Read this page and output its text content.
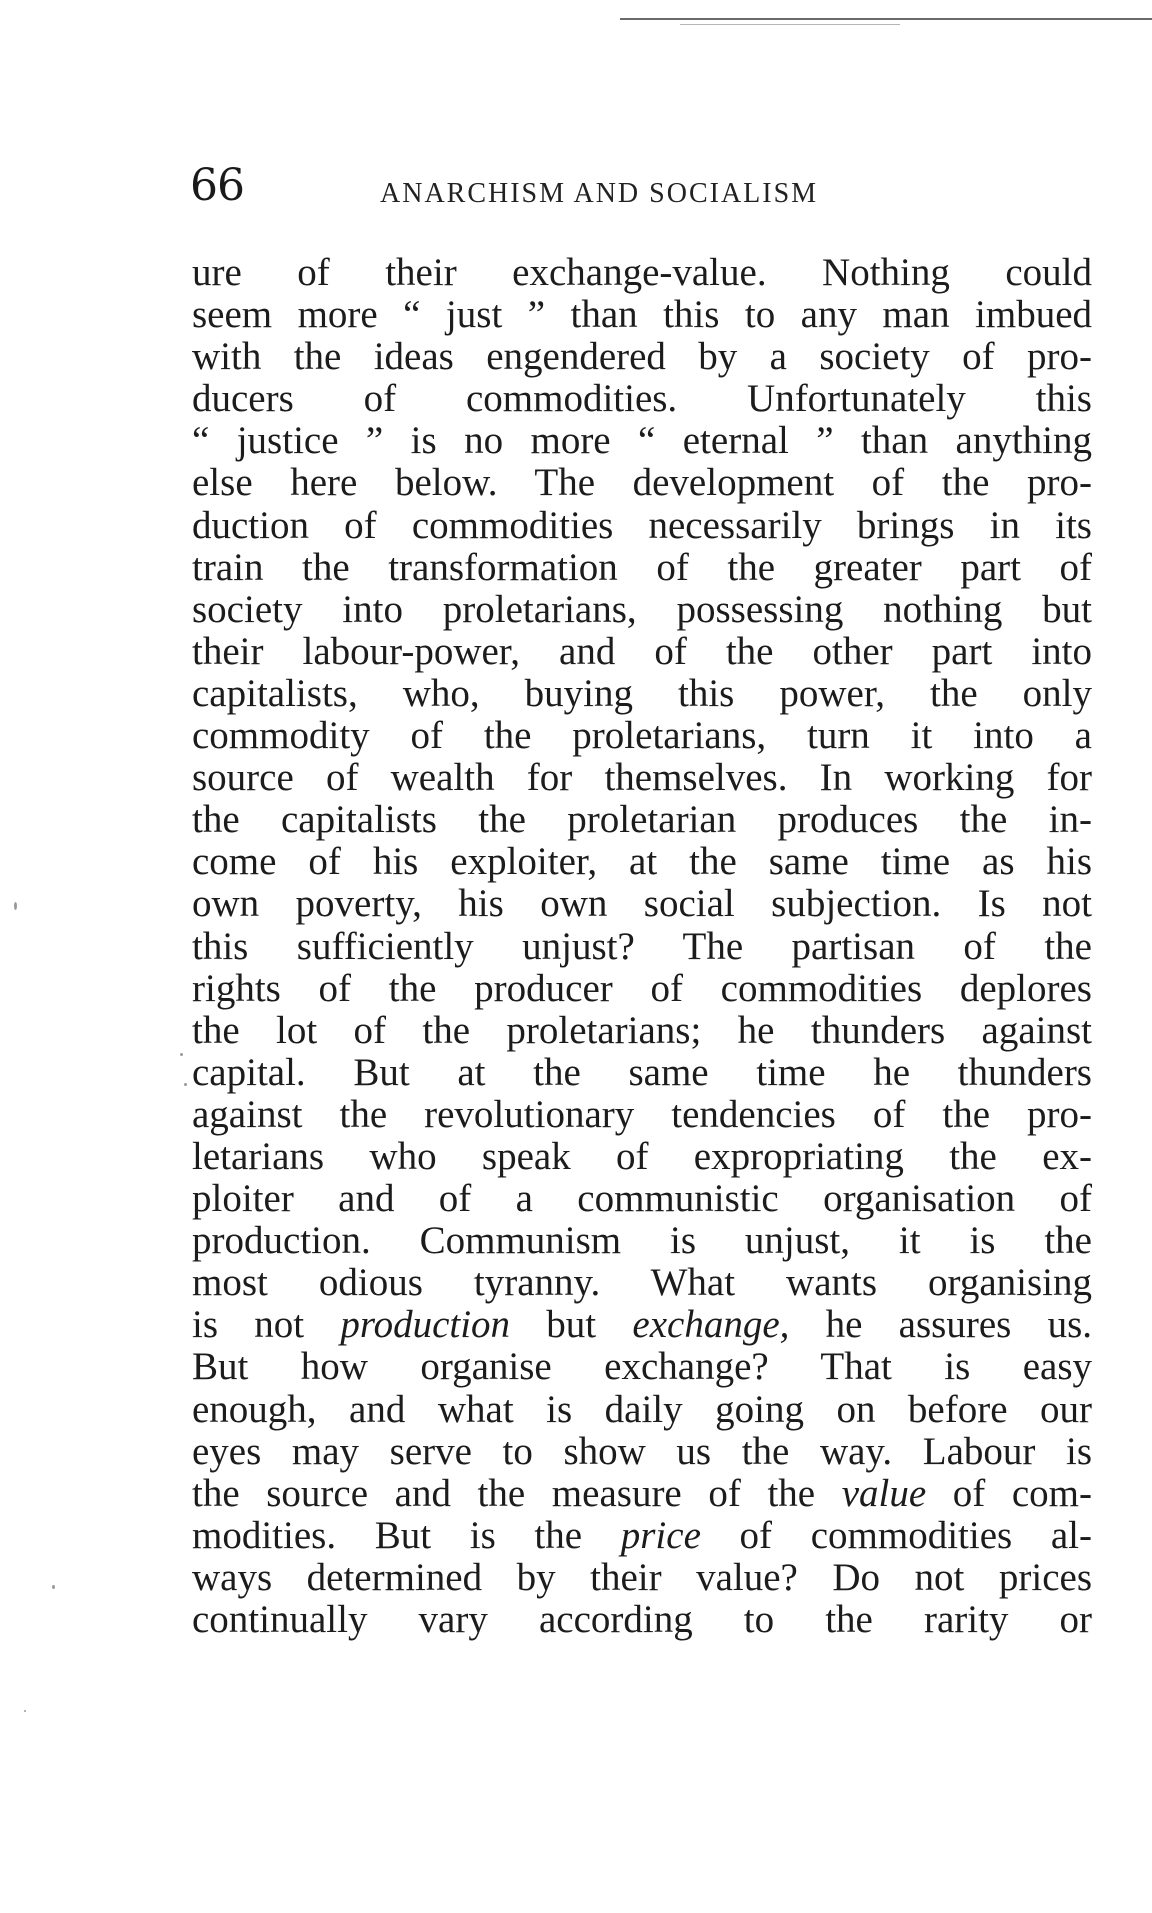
66	ANARCHISM AND SOCIALISM
ure of their exchange-value. Nothing could
seem more “ just ” than this to any man imbued
with the ideas engendered by a society of pro-
ducers of commodities. Unfortunately this
“ justice ” is no more “ eternal ” than anything
else here below. The development of the pro-
duction of commodities necessarily brings in its
train the transformation of the greater part of
society into proletarians, possessing nothing but
their labour-power, and of the other part into
capitalists, who, buying this power, the only
commodity of the proletarians, turn it into a
source of wealth for themselves. In working for
the capitalists the proletarian produces the in-
come of his exploiter, at the same time as his
own poverty, his own social subjection. Is not
this sufficiently unjust? The partisan of the
rights of the producer of commodities deplores
the lot of the proletarians; he thunders against
capital. But at the same time he thunders
against the revolutionary tendencies of the pro-
letarians who speak of expropriating the ex-
ploiter and of a communistic organisation of
production. Communism is unjust, it is the
most odious tyranny. What wants organising
is not production but exchange, he assures us.
But how organise exchange? That is easy
enough, and what is daily going on before our
eyes may serve to show us the way. Labour is
the source and the measure of the value of com-
modities. But is the price of commodities al-
ways determined by their value? Do not prices
continually vary according to the rarity or
